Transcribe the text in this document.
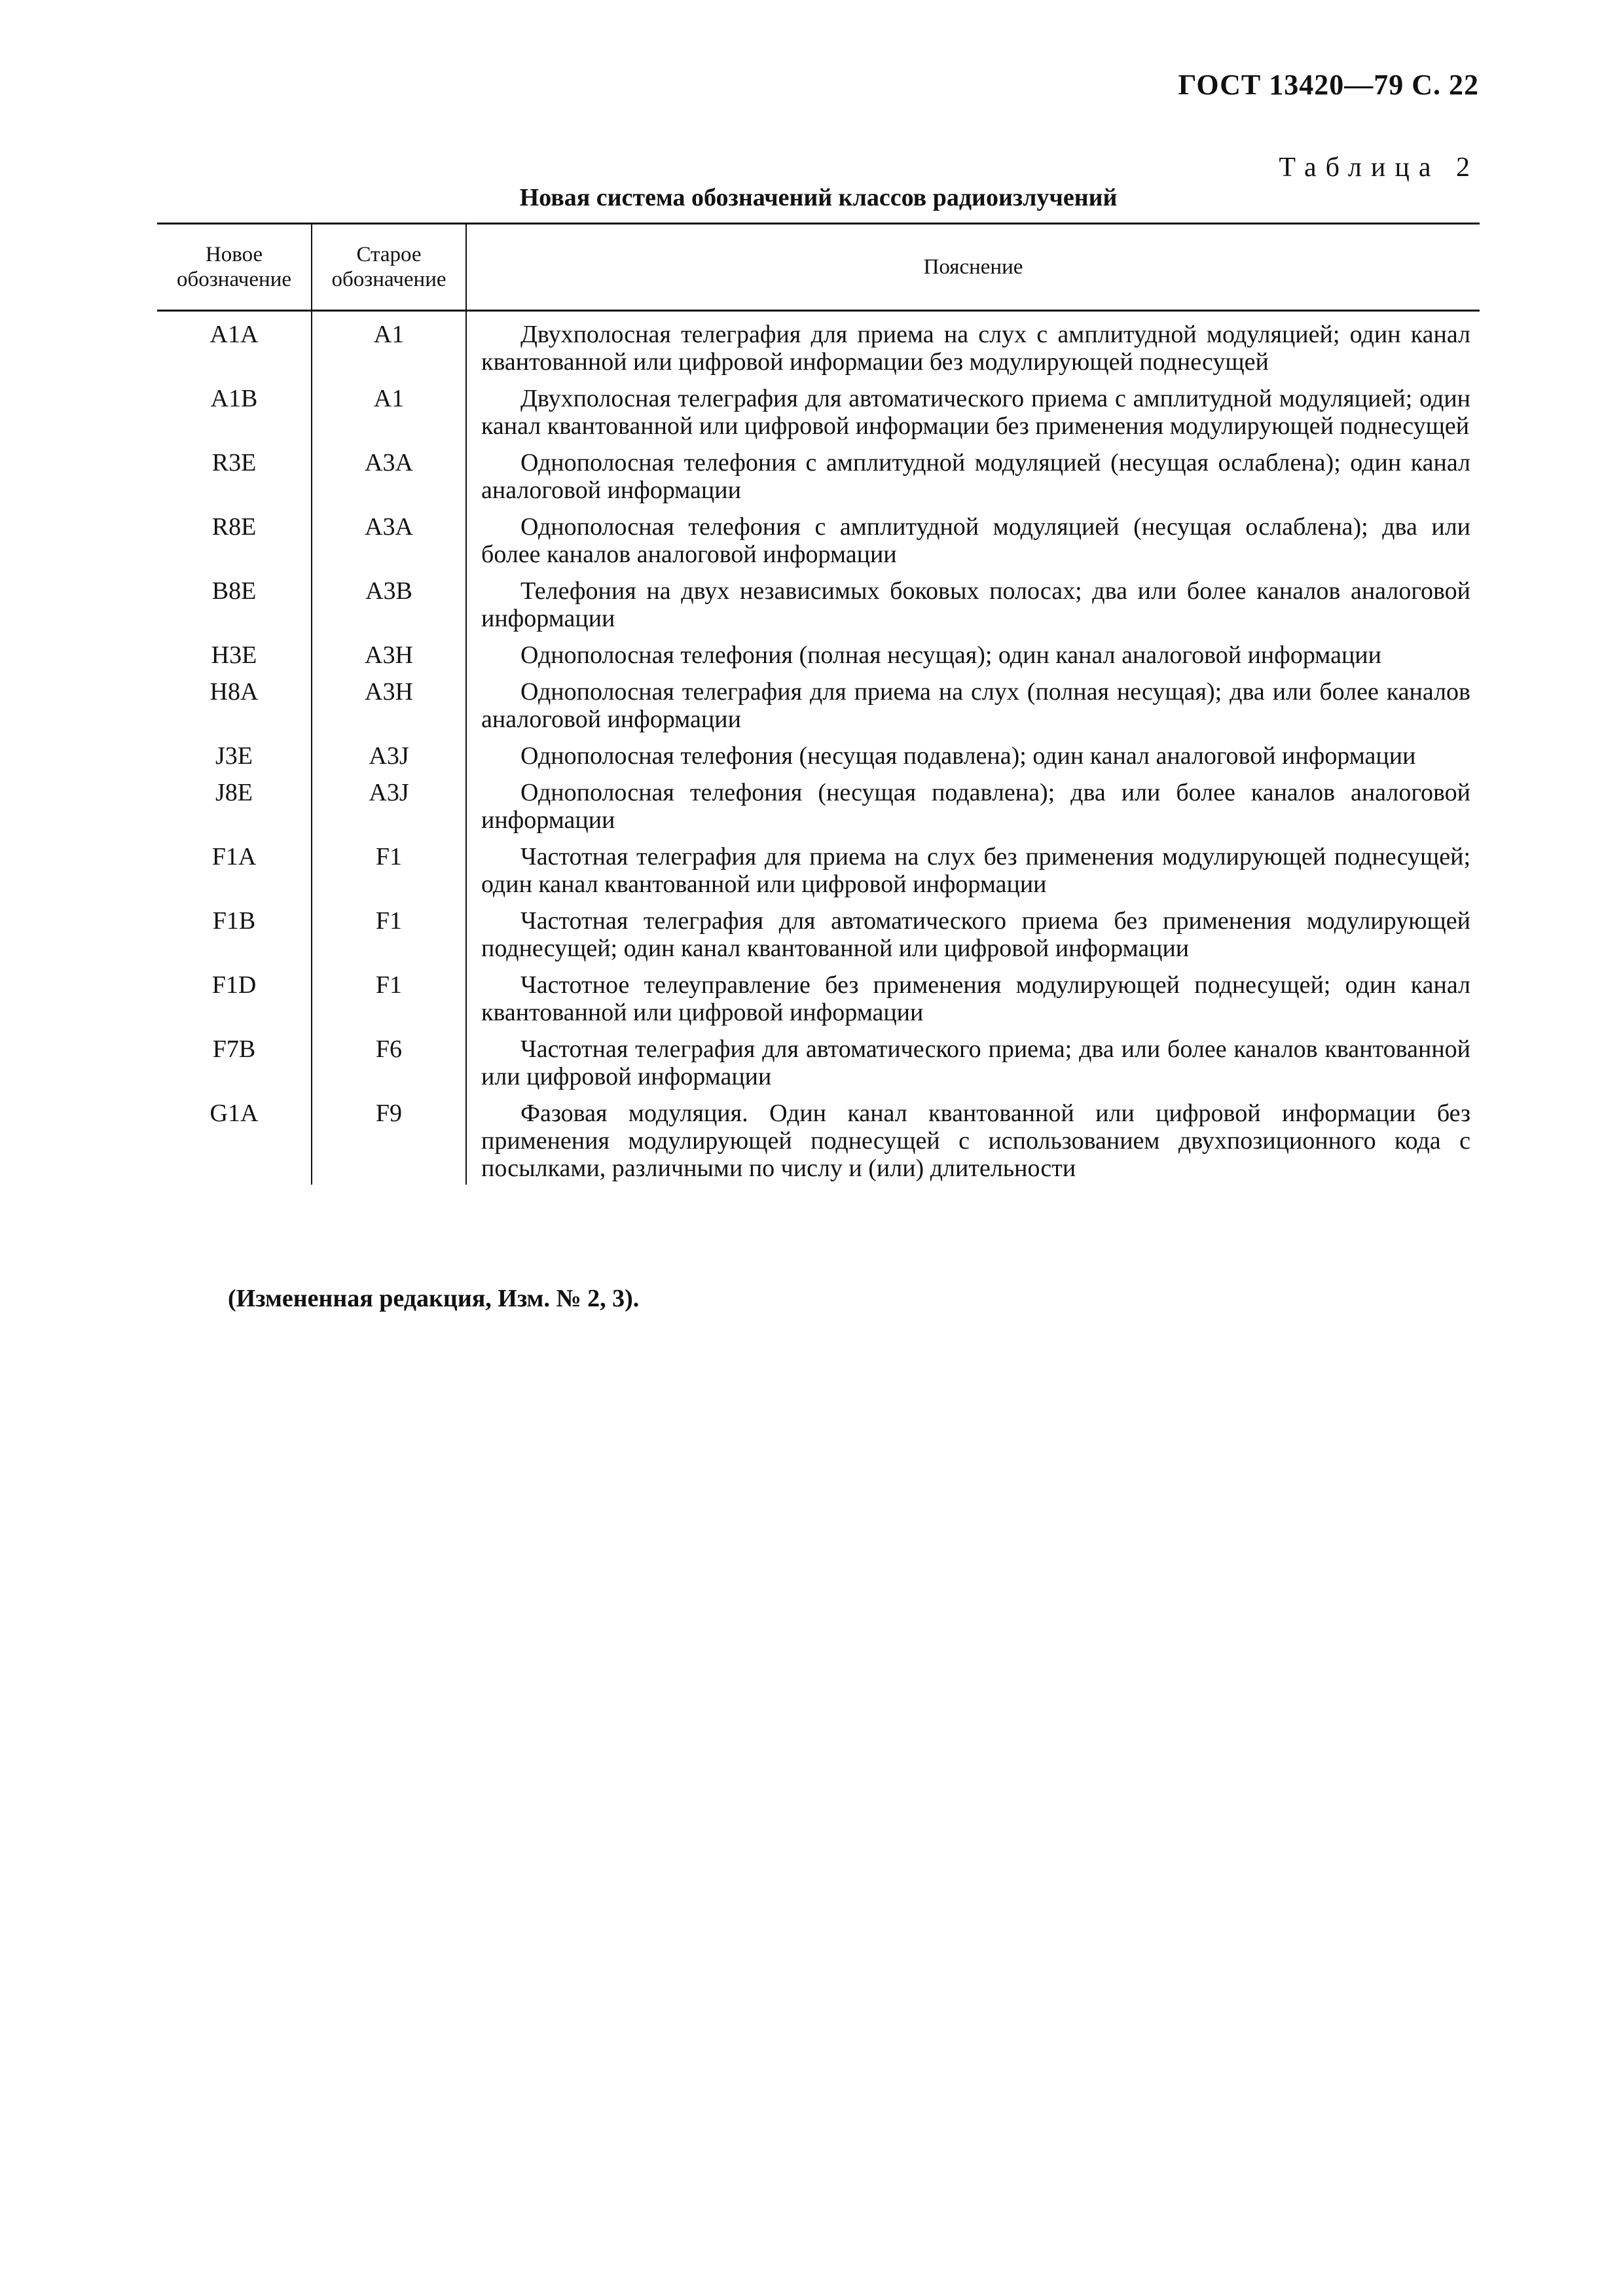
ГОСТ 13420—79 С. 22
Таблица 2
Новая система обозначений классов радиоизлучений
Новое обозначение	Старое обозначение	Пояснение
A1A	A1	Двухполосная телеграфия для приема на слух с амплитудной модуляцией; один канал квантованной или цифровой информации без модулирующей поднесущей

A1B	A1	Двухполосная телеграфия для автоматического приема с амплитудной модуляцией; один канал квантованной или цифровой информации без применения модулирующей поднесущей

R3E	A3A	Однополосная телефония с амплитудной модуляцией (несущая ослаблена); один канал аналоговой информации

R8E	A3A	Однополосная телефония с амплитудной модуляцией (несущая ослаблена); два или более каналов аналоговой информации

B8E	A3B	Телефония на двух независимых боковых полосах; два или более каналов аналоговой информации

H3E	A3H	Однополосная телефония (полная несущая); один канал аналоговой информации

H8A	A3H	Однополосная телеграфия для приема на слух (полная несущая); два или более каналов аналоговой информации

J3E	A3J	Однополосная телефония (несущая подавлена); один канал аналоговой информации

J8E	A3J	Однополосная телефония (несущая подавлена); два или более каналов аналоговой информации

F1A	F1	Частотная телеграфия для приема на слух без применения модулирующей поднесущей; один канал квантованной или цифровой информации

F1B	F1	Частотная телеграфия для автоматического приема без применения модулирующей поднесущей; один канал квантованной или цифровой информации

F1D	F1	Частотное телеуправление без применения модулирующей поднесущей; один канал квантованной или цифровой информации

F7B	F6	Частотная телеграфия для автоматического приема; два или более каналов квантованной или цифровой информации

G1A	F9	Фазовая модуляция. Один канал квантованной или цифровой информации без применения модулирующей поднесущей с использованием двухпозиционного кода с посылками, различными по числу и (или) длительности
(Измененная редакция, Изм. № 2, 3).
